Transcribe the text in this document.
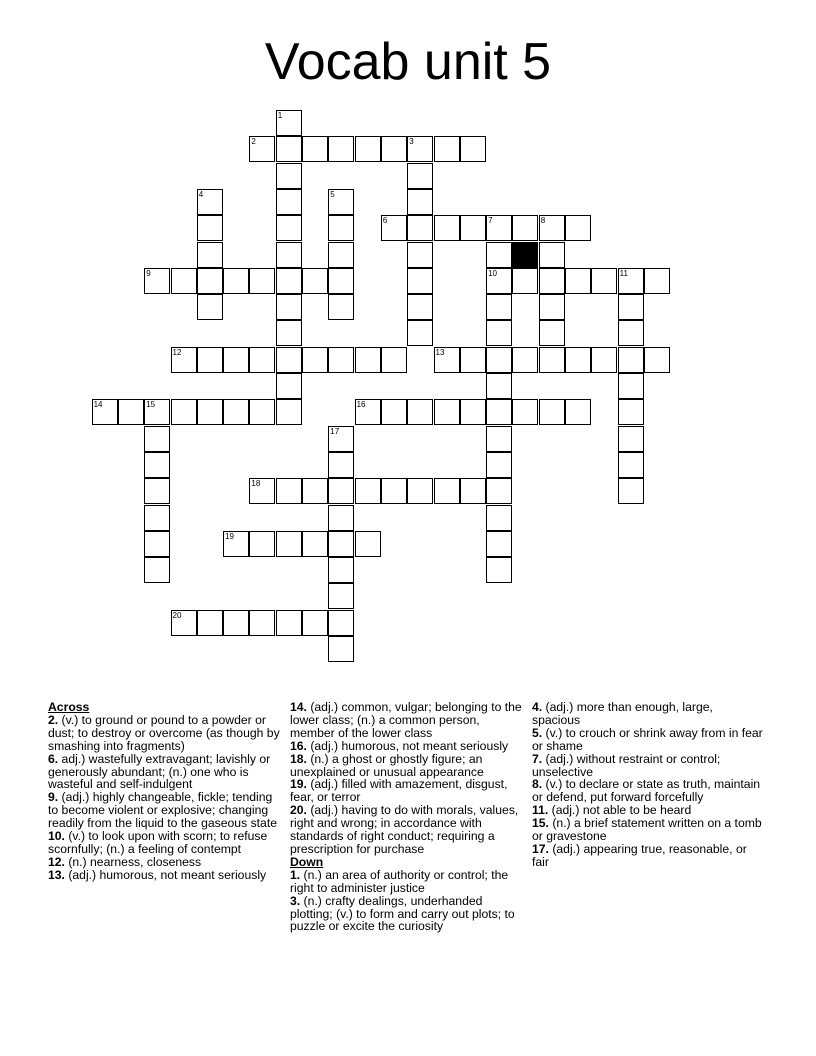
Vocab unit 5
1
2	3
4	5
6	7	8
9	10	11
12	13
14	15	16
17
18
19
20

Across

2. (v.) to ground or pound to a powder or dust; to destroy or overcome (as though by smashing into fragments)

6. adj.) wastefully extravagant; lavishly or generously abundant; (n.) one who is wasteful and self-indulgent

9. (adj.) highly changeable, fickle; tending to become violent or explosive; changing readily from the liquid to the gaseous state

10. (v.) to look upon with scorn; to refuse scornfully; (n.) a feeling of contempt

12. (n.) nearness, closeness

13. (adj.) humorous, not meant seriously

14. (adj.) common, vulgar; belonging to the lower class; (n.) a common person, member of the lower class

16. (adj.) humorous, not meant seriously

18. (n.) a ghost or ghostly figure; an unexplained or unusual appearance

19. (adj.) filled with amazement, disgust, fear, or terror

20. (adj.) having to do with morals, values, right and wrong; in accordance with standards of right conduct; requiring a prescription for purchase

Down

1. (n.) an area of authority or control; the right to administer justice

3. (n.) crafty dealings, underhanded plotting; (v.) to form and carry out plots; to puzzle or excite the curiosity

4. (adj.) more than enough, large, spacious

5. (v.) to crouch or shrink away from in fear or shame

7. (adj.) without restraint or control; unselective

8. (v.) to declare or state as truth, maintain or defend, put forward forcefully

11. (adj.) not able to be heard

15. (n.) a brief statement written on a tomb or gravestone

17. (adj.) appearing true, reasonable, or fair
